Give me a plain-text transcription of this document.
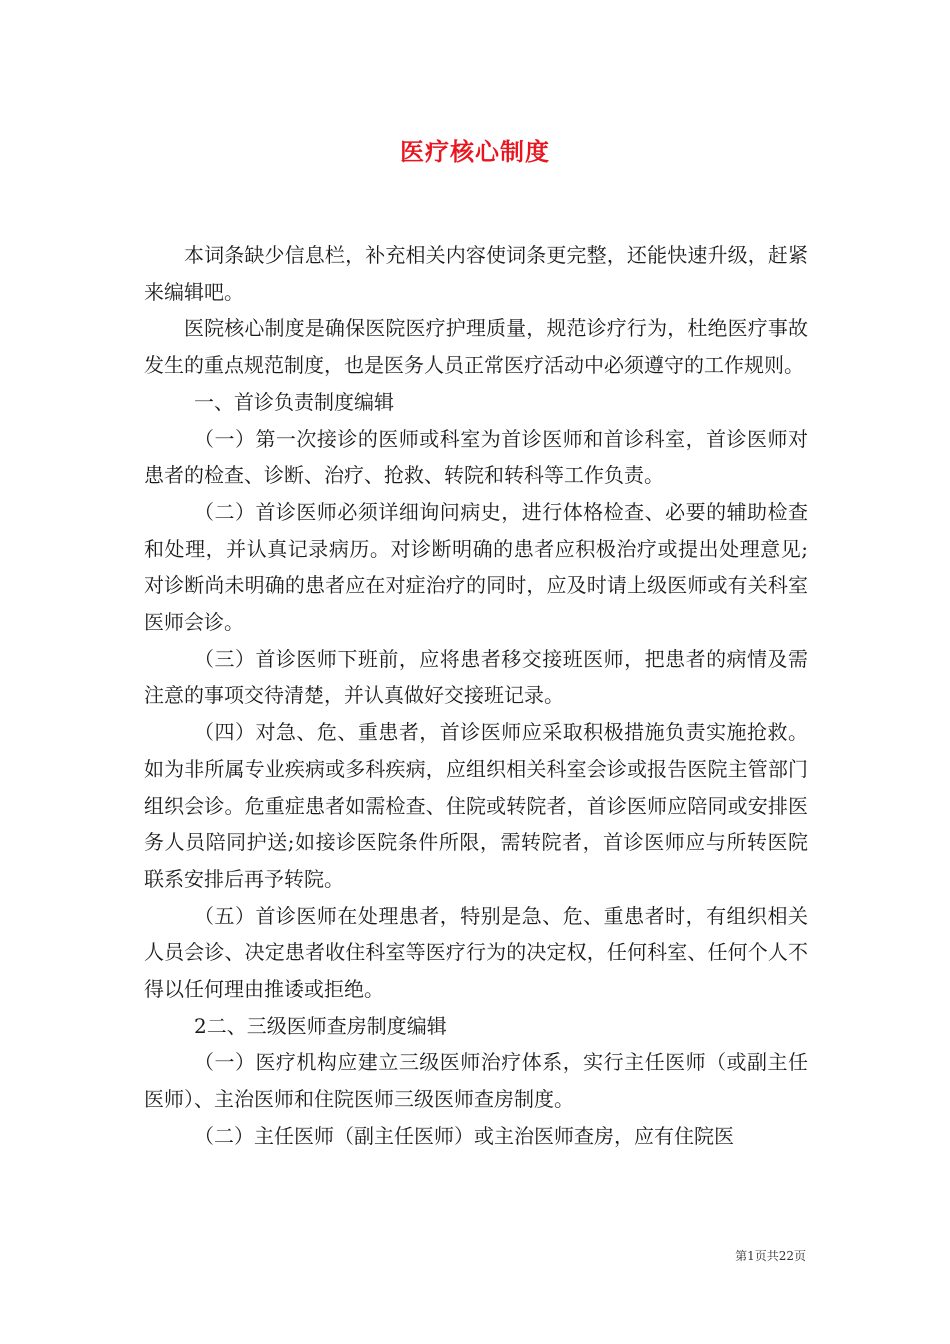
医疗核心制度

本词条缺少信息栏，补充相关内容使词条更完整，还能快速升级，赶紧来编辑吧。

医院核心制度是确保医院医疗护理质量，规范诊疗行为，杜绝医疗事故发生的重点规范制度，也是医务人员正常医疗活动中必须遵守的工作规则。

一、首诊负责制度编辑

（一）第一次接诊的医师或科室为首诊医师和首诊科室，首诊医师对患者的检查、诊断、治疗、抢救、转院和转科等工作负责。

（二）首诊医师必须详细询问病史，进行体格检查、必要的辅助检查和处理，并认真记录病历。对诊断明确的患者应积极治疗或提出处理意见;对诊断尚未明确的患者应在对症治疗的同时，应及时请上级医师或有关科室医师会诊。

（三）首诊医师下班前，应将患者移交接班医师，把患者的病情及需注意的事项交待清楚，并认真做好交接班记录。

（四）对急、危、重患者，首诊医师应采取积极措施负责实施抢救。如为非所属专业疾病或多科疾病，应组织相关科室会诊或报告医院主管部门组织会诊。危重症患者如需检查、住院或转院者，首诊医师应陪同或安排医务人员陪同护送;如接诊医院条件所限，需转院者，首诊医师应与所转医院联系安排后再予转院。

（五）首诊医师在处理患者，特别是急、危、重患者时，有组织相关人员会诊、决定患者收住科室等医疗行为的决定权，任何科室、任何个人不得以任何理由推诿或拒绝。

2二、三级医师查房制度编辑

（一）医疗机构应建立三级医师治疗体系，实行主任医师（或副主任医师）、主治医师和住院医师三级医师查房制度。

（二）主任医师（副主任医师）或主治医师查房，应有住院医

第1页共22页
